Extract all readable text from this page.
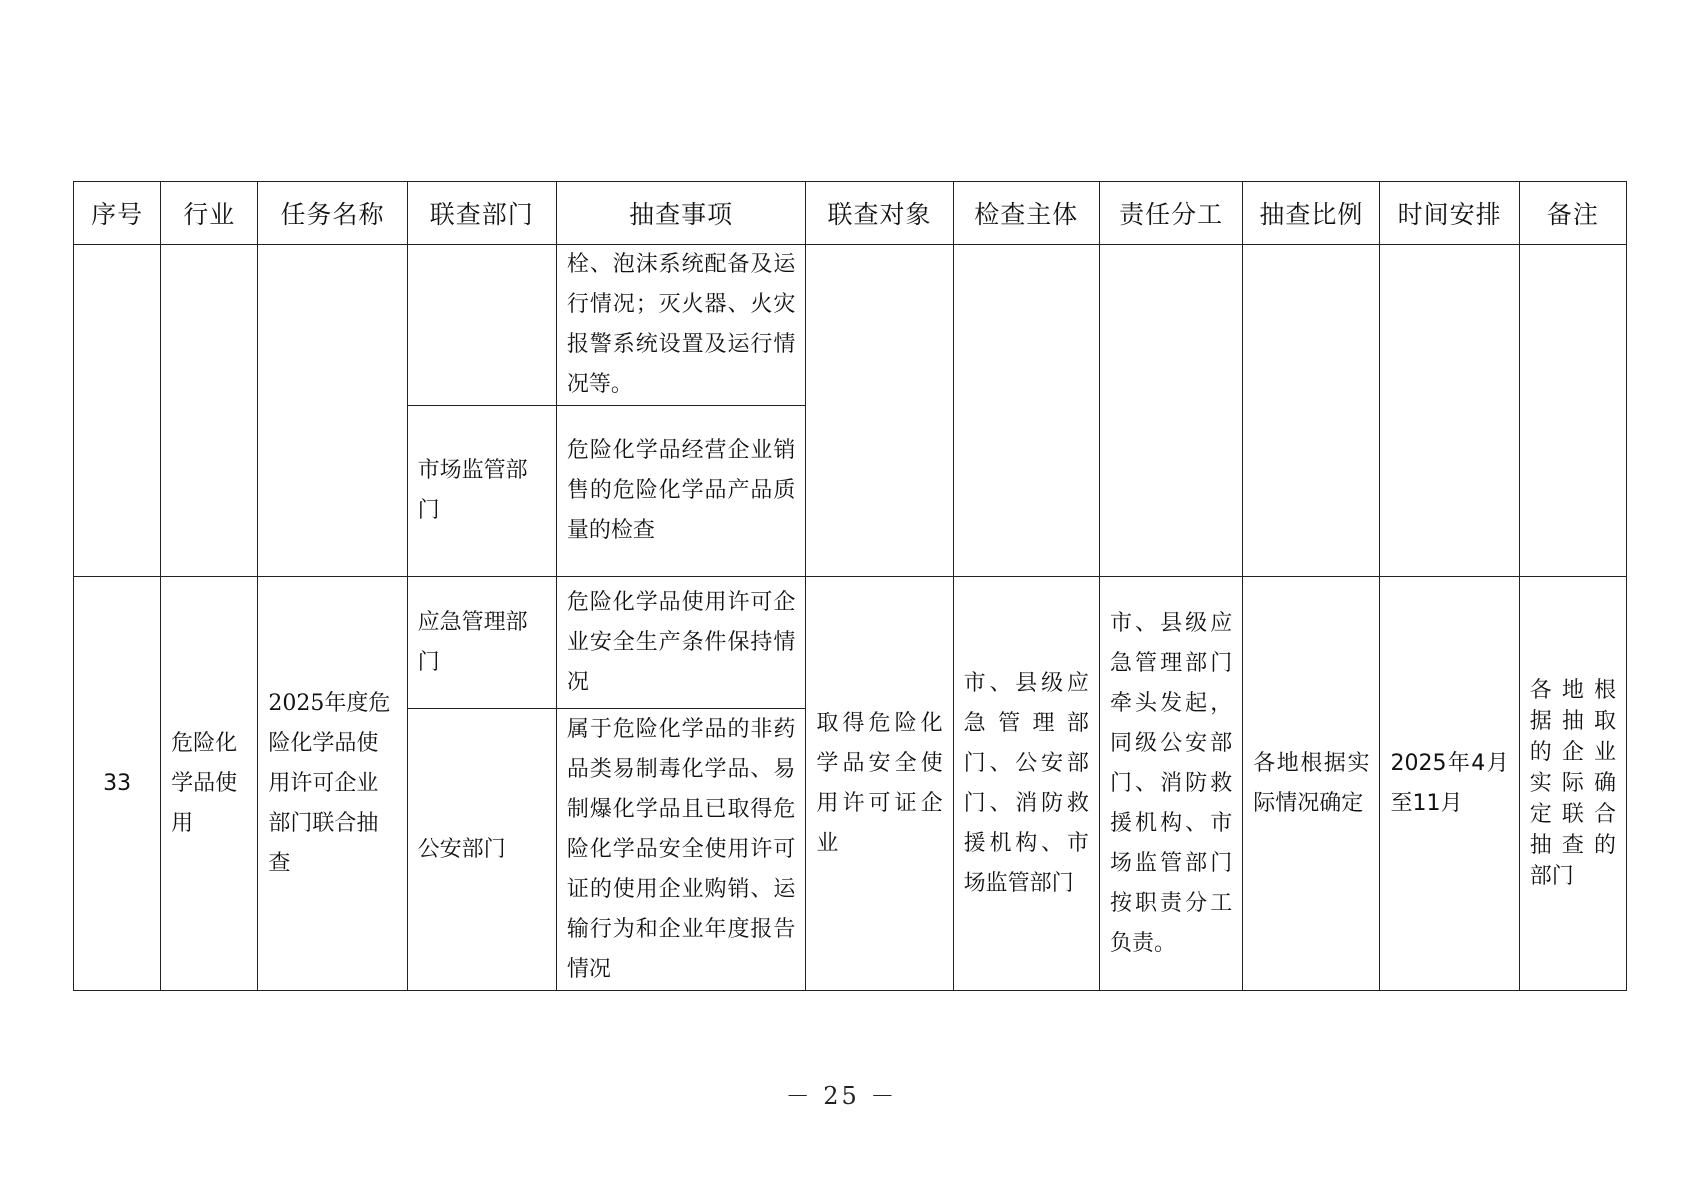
序号	行业	任务名称	联查部门	抽查事项	联查对象	检查主体	责任分工	抽查比例	时间安排	备注

				栓、泡沫系统配备及运行情况；灭火器、火灾报警系统设置及运行情况等。						

			市场监管部门	危险化学品经营企业销售的危险化学品产品质量的检查						

33	危险化学品使用	2025年度危险化学品使用许可企业部门联合抽查	应急管理部门	危险化学品使用许可企业安全生产条件保持情况	取得危险化学品安全使用许可证企业	市、县级应急管理部门、公安部门、消防救援机构、市场监管部门	市、县级应急管理部门牵头发起，同级公安部门、消防救援机构、市场监管部门按职责分工负责。	各地根据实际情况确定	2025年4月至11月	各地根据抽取的企业实际确定联合抽查的部门

			公安部门	属于危险化学品的非药品类易制毒化学品、易制爆化学品且已取得危险化学品安全使用许可证的使用企业购销、运输行为和企业年度报告情况						
－ 25 －
